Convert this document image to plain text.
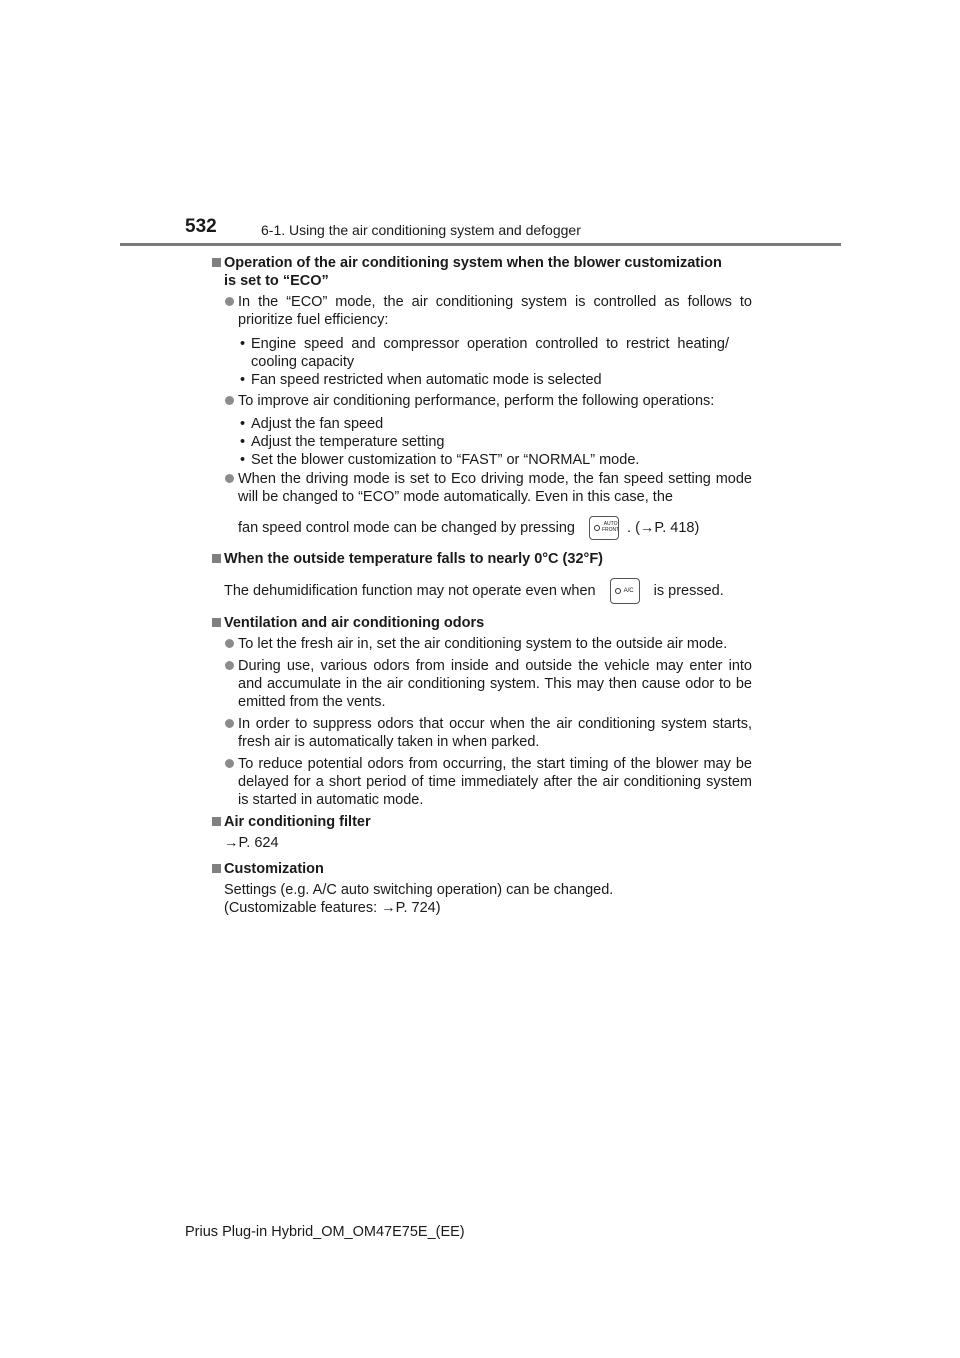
532	6-1. Using the air conditioning system and defogger
Operation of the air conditioning system when the blower customization
is set to “ECO”
In the “ECO” mode, the air conditioning system is controlled as follows to prioritize fuel efficiency:
• Engine speed and compressor operation controlled to restrict heating/ cooling capacity
• Fan speed restricted when automatic mode is selected
To improve air conditioning performance, perform the following operations:
• Adjust the fan speed
• Adjust the temperature setting
• Set the blower customization to “FAST” or “NORMAL” mode.
When the driving mode is set to Eco driving mode, the fan speed setting mode will be changed to “ECO” mode automatically. Even in this case, the
fan speed control mode can be changed by pressing	AUTO
FRONT . (→P. 418)
When the outside temperature falls to nearly 0°C (32°F)
The dehumidification function may not operate even when	A/C is pressed.
Ventilation and air conditioning odors
To let the fresh air in, set the air conditioning system to the outside air mode.
During use, various odors from inside and outside the vehicle may enter into and accumulate in the air conditioning system. This may then cause odor to be emitted from the vents.
In order to suppress odors that occur when the air conditioning system starts, fresh air is automatically taken in when parked.
To reduce potential odors from occurring, the start timing of the blower may be delayed for a short period of time immediately after the air conditioning system is started in automatic mode.
Air conditioning filter
→P. 624
Customization
Settings (e.g. A/C auto switching operation) can be changed.
(Customizable features: →P. 724)
Prius Plug-in Hybrid_OM_OM47E75E_(EE)
